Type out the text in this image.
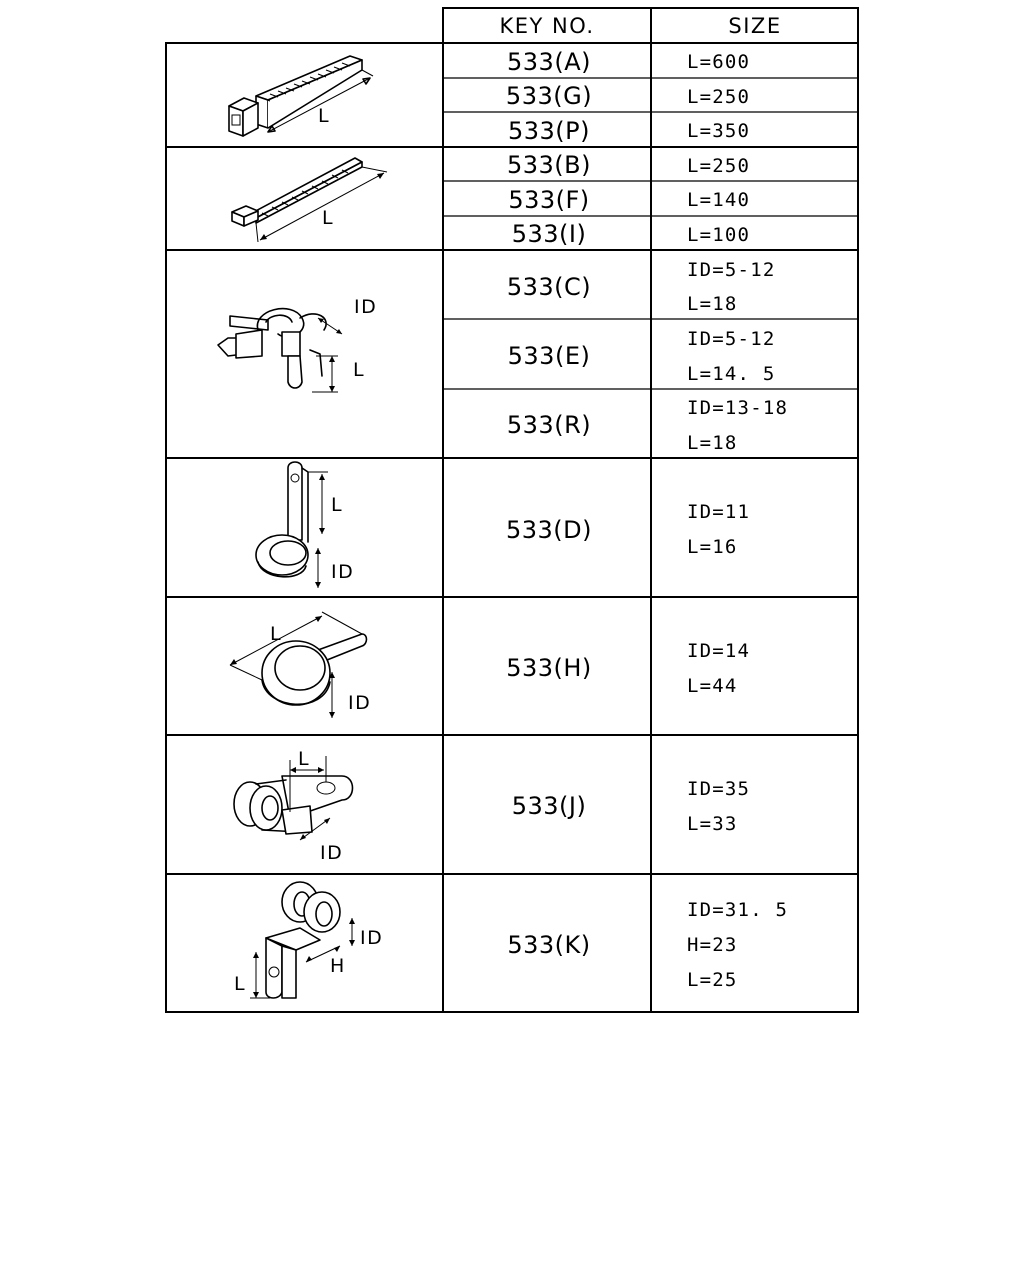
KEY NO.	SIZE
533(A)
533(G)
533(P)
533(B)
533(F)
533(I)
533(C)
533(E)
533(R)
533(D)
533(H)
533(J)
533(K)
L=600
L=250
L=350
L=250
L=140
L=100
ID=5-12
L=18
ID=5-12
L=14. 5
ID=13-18
L=18
ID=11
L=16
ID=14
L=44
ID=35
L=33
ID=31. 5
H=23
L=25
L
L
ID
L
L
ID
L
ID
L
ID
ID
H
L
